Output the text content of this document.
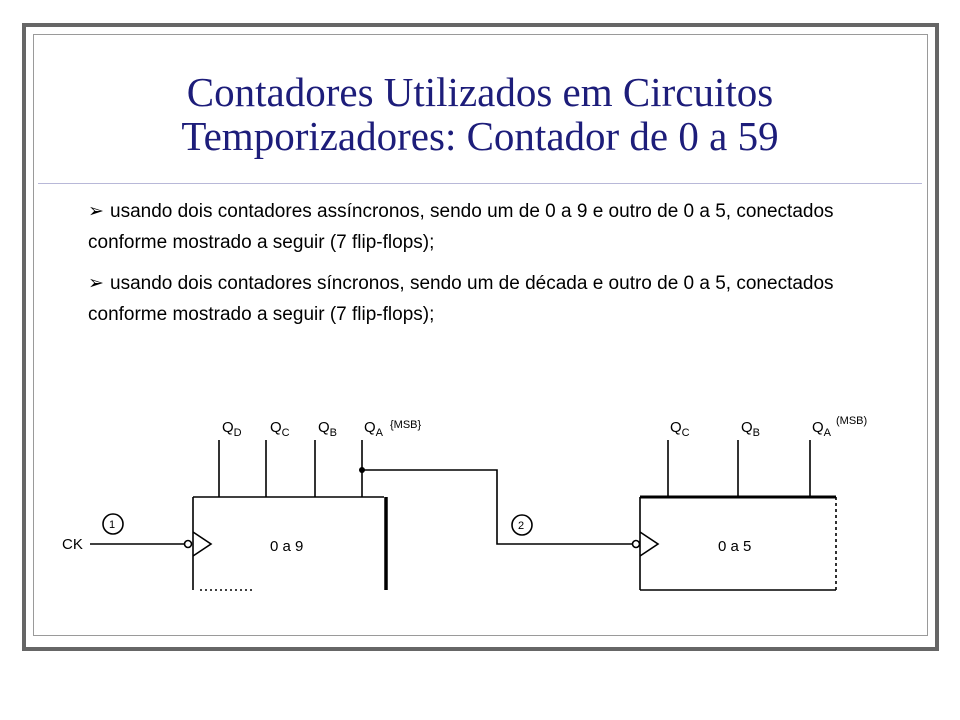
Contadores Utilizados em Circuitos
Temporizadores: Contador de 0 a 59
➢ usando dois contadores assíncronos, sendo um de 0 a 9 e outro de 0 a 5, conectados conforme mostrado a seguir (7 flip-flops);
➢ usando dois contadores síncronos, sendo um de década e outro de 0 a 5, conectados conforme mostrado a seguir (7 flip-flops);
CK
1	2
0 a 9	0 a 5
$Q_D$ $Q_C$ $Q_B$ $Q_A$
{MSB}	$Q_C$	$Q_B$	$Q_A$
(MSB)
